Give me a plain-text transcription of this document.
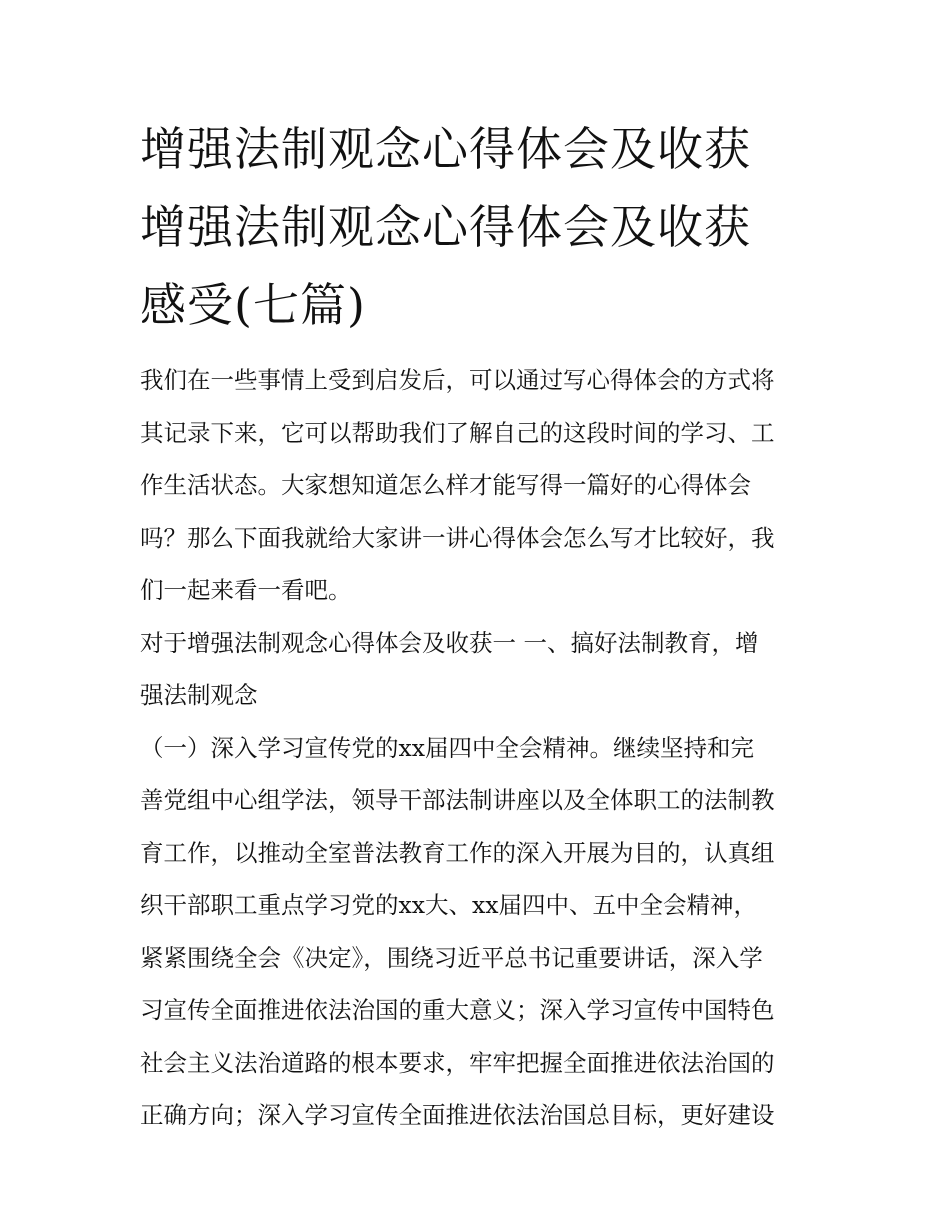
增强法制观念心得体会及收获
增强法制观念心得体会及收获
感受(七篇)

我们在一些事情上受到启发后，可以通过写心得体会的方式将
其记录下来，它可以帮助我们了解自己的这段时间的学习、工
作生活状态。大家想知道怎么样才能写得一篇好的心得体会
吗？那么下面我就给大家讲一讲心得体会怎么写才比较好，我
们一起来看一看吧。

对于增强法制观念心得体会及收获一 一、搞好法制教育，增
强法制观念

（一）深入学习宣传党的xx届四中全会精神。继续坚持和完
善党组中心组学法，领导干部法制讲座以及全体职工的法制教
育工作，以推动全室普法教育工作的深入开展为目的，认真组
织干部职工重点学习党的xx大、xx届四中、五中全会精神，
紧紧围绕全会《决定》，围绕习近平总书记重要讲话，深入学
习宣传全面推进依法治国的重大意义；深入学习宣传中国特色
社会主义法治道路的根本要求，牢牢把握全面推进依法治国的
正确方向；深入学习宣传全面推进依法治国总目标，更好建设
